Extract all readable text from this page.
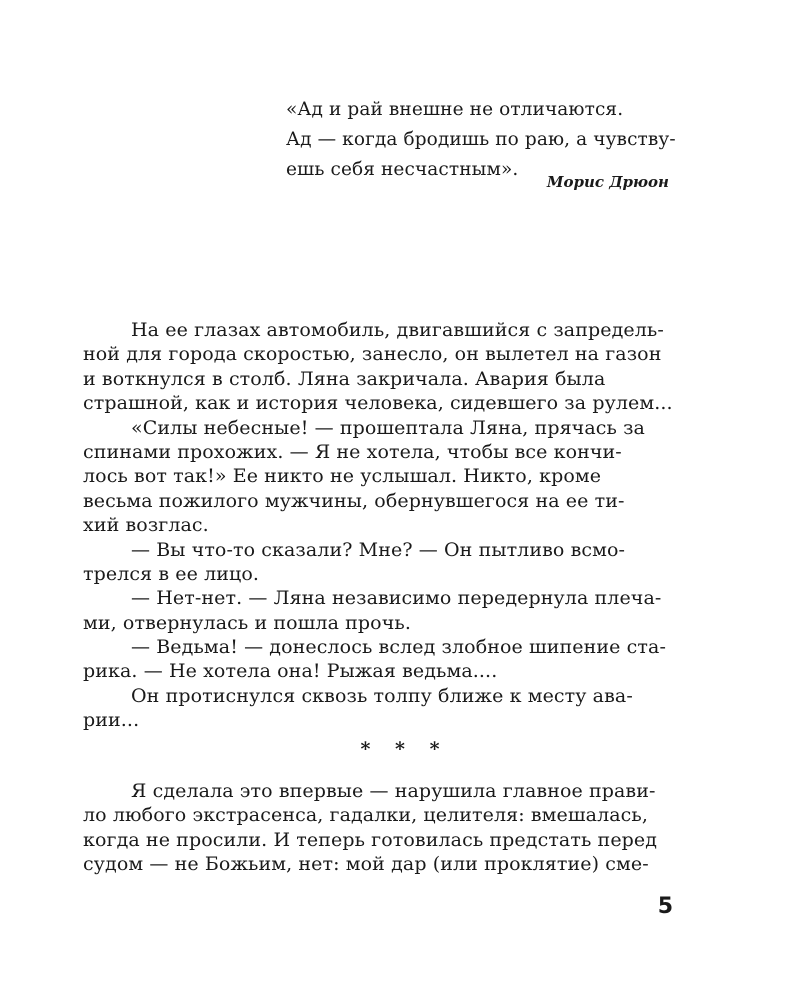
«Ад и рай внешне не отличаются.
Ад — когда бродишь по раю, а чувству-
ешь себя несчастным».
Морис Дрюон
На ее глазах автомобиль, двигавшийся с запредель-
ной для города скоростью, занесло, он вылетел на газон
и воткнулся в столб. Ляна закричала. Авария была
страшной, как и история человека, сидевшего за рулем...
«Силы небесные! — прошептала Ляна, прячась за
спинами прохожих. — Я не хотела, чтобы все кончи-
лось вот так!» Ее никто не услышал. Никто, кроме
весьма пожилого мужчины, обернувшегося на ее ти-
хий возглас.
— Вы что-то сказали? Мне? — Он пытливо всмо-
трелся в ее лицо.
— Нет-нет. — Ляна независимо передернула плеча-
ми, отвернулась и пошла прочь.
— Ведьма! — донеслось вслед злобное шипение ста-
рика. — Не хотела она! Рыжая ведьма....
Он протиснулся сквозь толпу ближе к месту ава-
рии...
* * *
Я сделала это впервые — нарушила главное прави-
ло любого экстрасенса, гадалки, целителя: вмешалась,
когда не просили. И теперь готовилась предстать перед
судом — не Божьим, нет: мой дар (или проклятие) сме-
5
